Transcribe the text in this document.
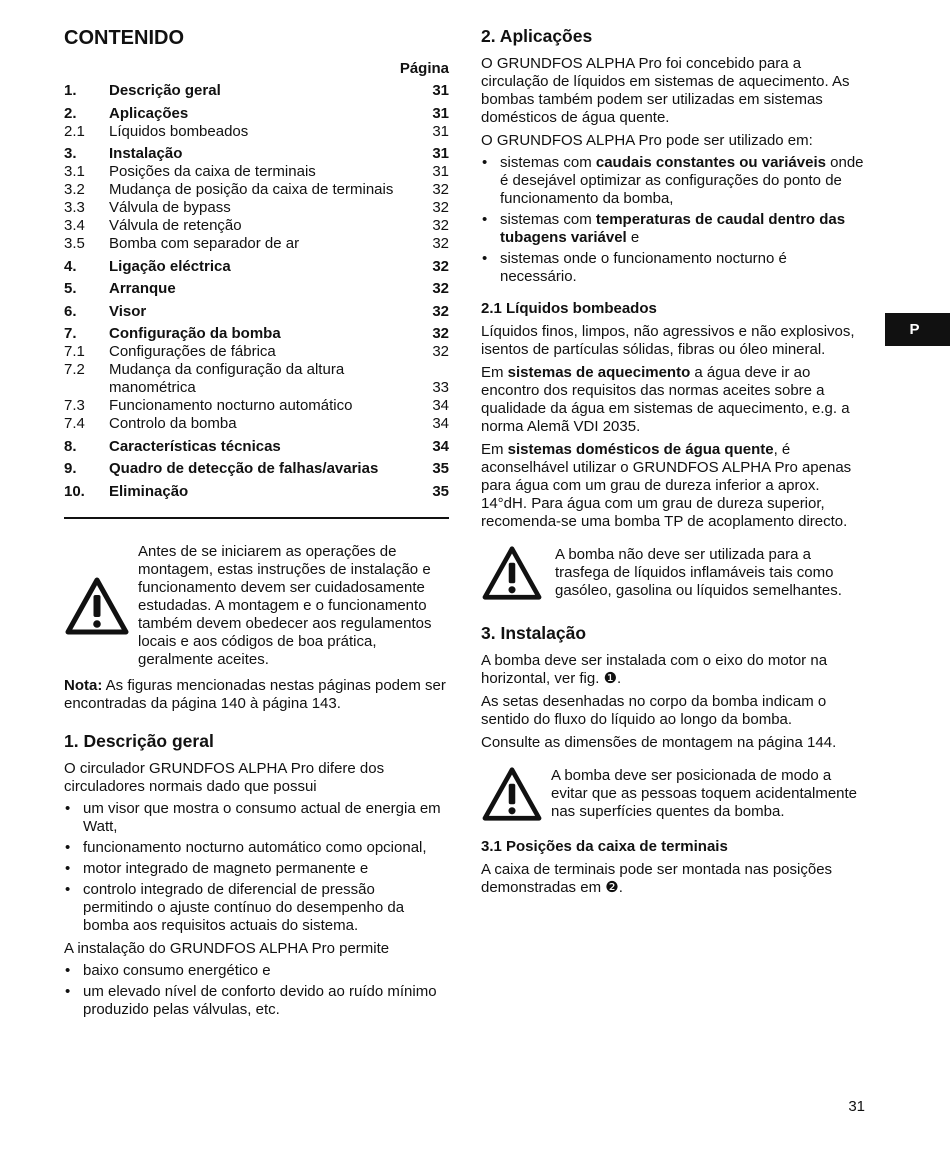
CONTENIDO
Página
1.	Descrição geral	31
2.	Aplicações	31
2.1	Líquidos bombeados	31
3.	Instalação	31
3.1	Posições da caixa de terminais	31
3.2	Mudança de posição da caixa de terminais	32
3.3	Válvula de bypass	32
3.4	Válvula de retenção	32
3.5	Bomba com separador de ar	32
4.	Ligação eléctrica	32
5.	Arranque	32
6.	Visor	32
7.	Configuração da bomba	32
7.1	Configurações de fábrica	32
7.2	Mudança da configuração da altura manométrica	33
7.3	Funcionamento nocturno automático	34
7.4	Controlo da bomba	34
8.	Características técnicas	34
9.	Quadro de detecção de falhas/avarias	35
10.	Eliminação	35
Antes de se iniciarem as operações de montagem, estas instruções de instalação e funcionamento devem ser cuidadosamente estudadas. A montagem e o funcionamento também devem obedecer aos regulamentos locais e aos códigos de boa prática, geralmente aceites.

Nota: As figuras mencionadas nestas páginas podem ser encontradas da página 140 à página 143.

1. Descrição geral

O circulador GRUNDFOS ALPHA Pro difere dos circuladores normais dado que possui

• um visor que mostra o consumo actual de energia em Watt,
• funcionamento nocturno automático como opcional,
• motor integrado de magneto permanente e
• controlo integrado de diferencial de pressão permitindo o ajuste contínuo do desempenho da bomba aos requisitos actuais do sistema.

A instalação do GRUNDFOS ALPHA Pro permite

• baixo consumo energético e
• um elevado nível de conforto devido ao ruído mínimo produzido pelas válvulas, etc.
2. Aplicações

O GRUNDFOS ALPHA Pro foi concebido para a circulação de líquidos em sistemas de aquecimento. As bombas também podem ser utilizadas em sistemas domésticos de água quente.

O GRUNDFOS ALPHA Pro pode ser utilizado em:

• sistemas com caudais constantes ou variáveis onde é desejável optimizar as configurações do ponto de funcionamento da bomba,
• sistemas com temperaturas de caudal dentro das tubagens variável e
• sistemas onde o funcionamento nocturno é necessário.
2.1 Líquidos bombeados

Líquidos finos, limpos, não agressivos e não explosivos, isentos de partículas sólidas, fibras ou óleo mineral.

Em sistemas de aquecimento a água deve ir ao encontro dos requisitos das normas aceites sobre a qualidade da água em sistemas de aquecimento, e.g. a norma Alemã VDI 2035.

Em sistemas domésticos de água quente, é aconselhável utilizar o GRUNDFOS ALPHA Pro apenas para água com um grau de dureza inferior a aprox. 14°dH. Para água com um grau de dureza superior, recomenda-se uma bomba TP de acoplamento directo.

A bomba não deve ser utilizada para a trasfega de líquidos inflamáveis tais como gasóleo, gasolina ou líquidos semelhantes.
3. Instalação

A bomba deve ser instalada com o eixo do motor na horizontal, ver fig. ❶.

As setas desenhadas no corpo da bomba indicam o sentido do fluxo do líquido ao longo da bomba.

Consulte as dimensões de montagem na página 144.

A bomba deve ser posicionada de modo a evitar que as pessoas toquem acidentalmente nas superfícies quentes da bomba.
3.1 Posições da caixa de terminais

A caixa de terminais pode ser montada nas posições demonstradas em ❷.

P
31
